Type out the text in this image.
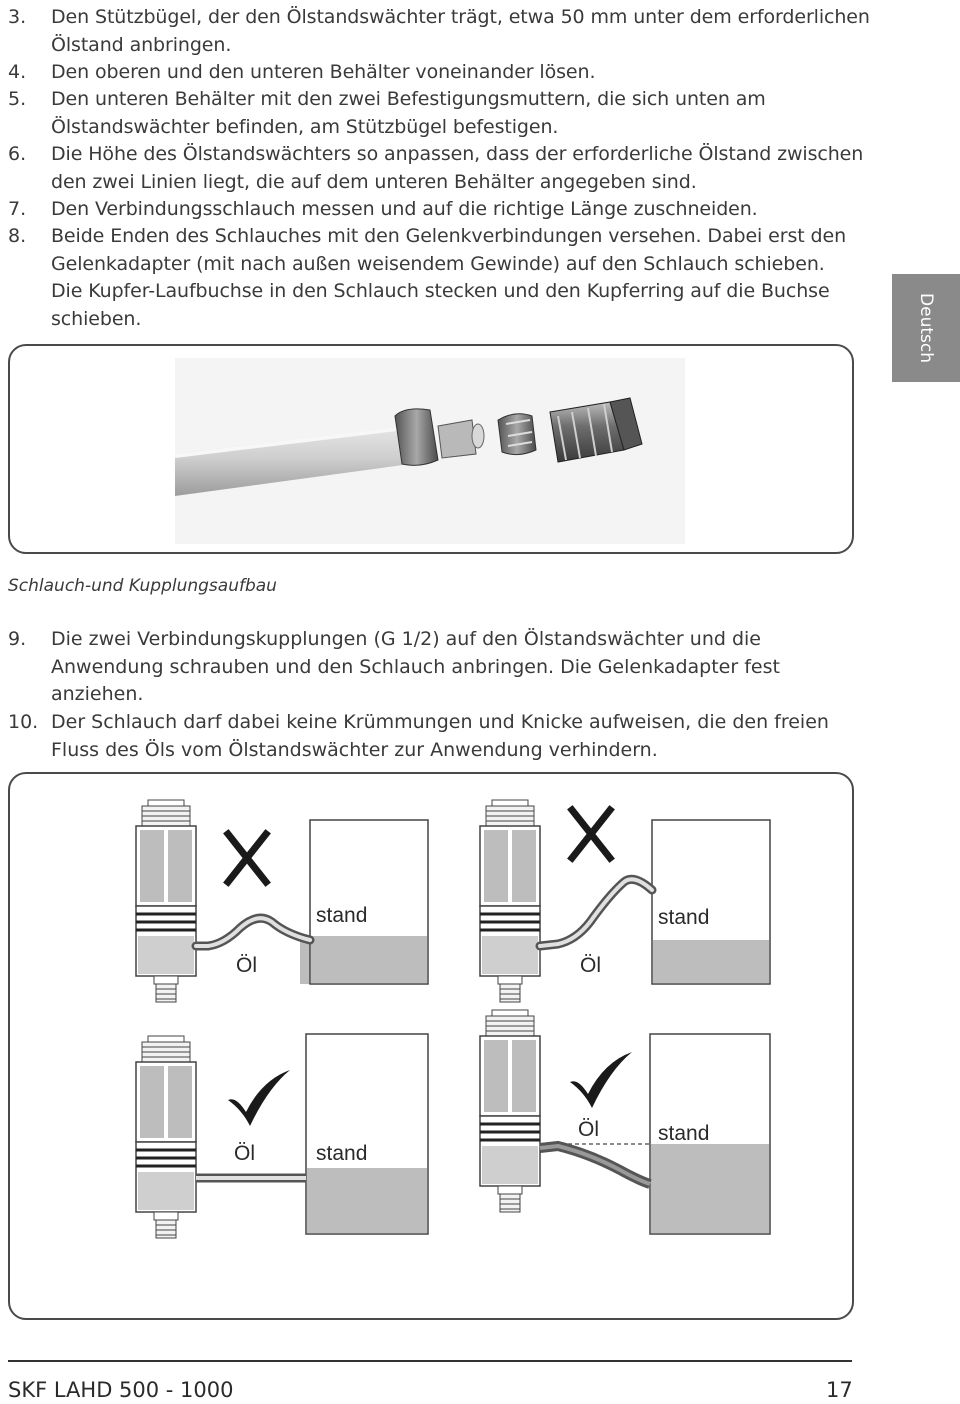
3. Den Stützbügel, der den Ölstandswächter trägt, etwa 50 mm unter dem erforderlichen Ölstand anbringen.
4. Den oberen und den unteren Behälter voneinander lösen.
5. Den unteren Behälter mit den zwei Befestigungsmuttern, die sich unten am Ölstandswächter befinden, am Stützbügel befestigen.
6. Die Höhe des Ölstandswächters so anpassen, dass der erforderliche Ölstand zwischen den zwei Linien liegt, die auf dem unteren Behälter angegeben sind.
7. Den Verbindungsschlauch messen und auf die richtige Länge zuschneiden.
8. Beide Enden des Schlauches mit den Gelenkverbindungen versehen. Dabei erst den Gelenkadapter (mit nach außen weisendem Gewinde) auf den Schlauch schieben. Die Kupfer-Laufbuchse in den Schlauch stecken und den Kupferring auf die Buchse schieben.	Deutsch
Schlauch-und Kupplungsaufbau
9. Die zwei Verbindungskupplungen (G 1/2) auf den Ölstandswächter und die Anwendung schrauben und den Schlauch anbringen. Die Gelenkadapter fest anziehen.
10. Der Schlauch darf dabei keine Krümmungen und Knicke aufweisen, die den freien Fluss des Öls vom Ölstandswächter zur Anwendung verhindern.
Öl
stand
Öl
stand
Öl	stand
Öl	stand
SKF LAHD 500 - 1000	17
